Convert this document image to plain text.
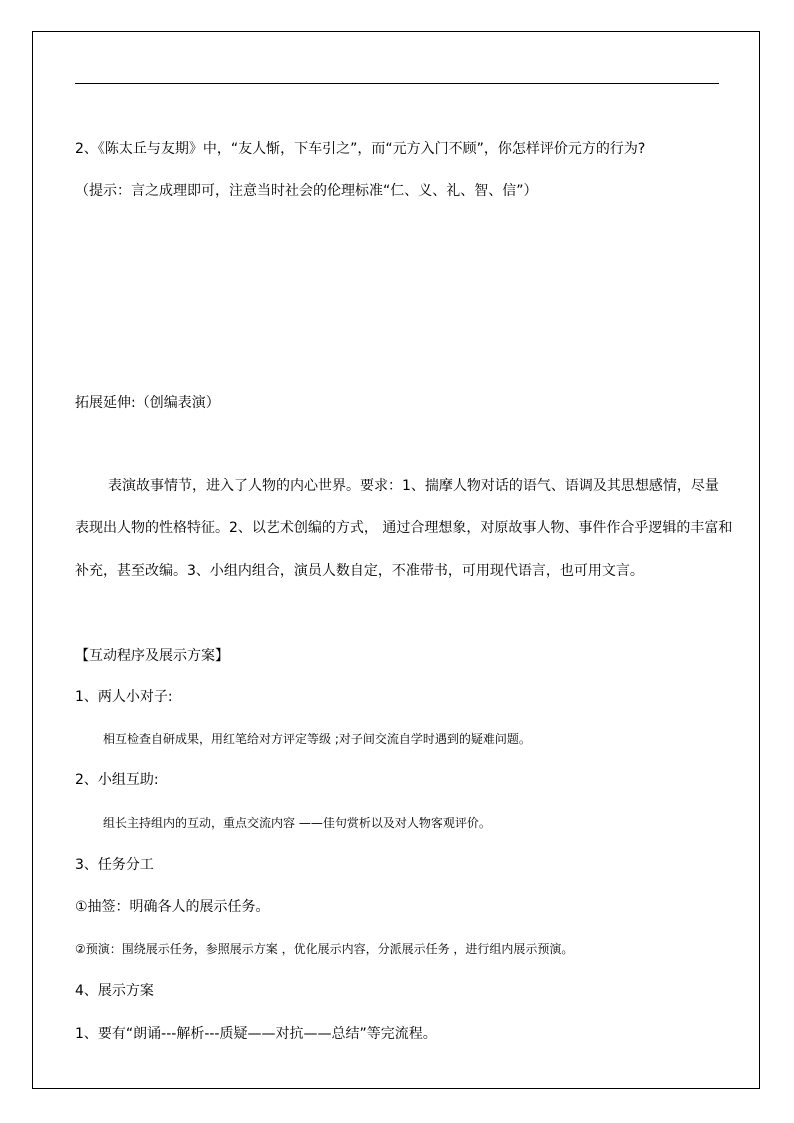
2、《陈太丘与友期》中，“友人惭，下车引之”，而“元方入门不顾”，你怎样评价元方的行为?
（提示：言之成理即可，注意当时社会的伦理标准“仁、义、礼、智、信”）
拓展延伸:（创编表演）
表演故事情节，进入了人物的内心世界。要求：1、揣摩人物对话的语气、语调及其思想感情，尽量
表现出人物的性格特征。2、以艺术创编的方式， 通过合理想象，对原故事人物、事件作合乎逻辑的丰富和
补充，甚至改编。3、小组内组合，演员人数自定，不准带书，可用现代语言，也可用文言。
【互动程序及展示方案】
1、两人小对子:
相互检查自研成果，用红笔给对方评定等级 ;对子间交流自学时遇到的疑难问题。
2、小组互助:
组长主持组内的互动，重点交流内容 ——佳句赏析以及对人物客观评价。
3、任务分工
①抽签：明确各人的展示任务。
②预演：围绕展示任务，参照展示方案 ，优化展示内容，分派展示任务 ，进行组内展示预演。
4、展示方案
1、要有“朗诵---解析---质疑——对抗——总结”等完流程。
